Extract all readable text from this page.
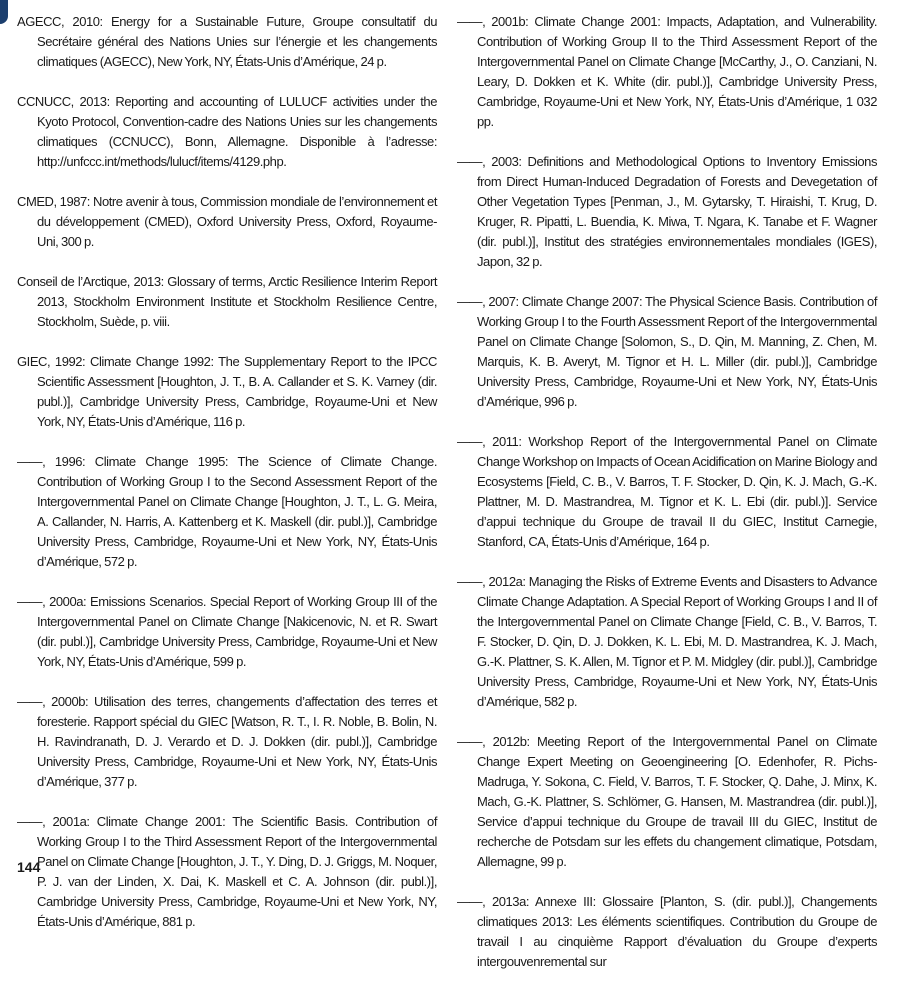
AGECC, 2010: Energy for a Sustainable Future, Groupe consultatif du Secrétaire général des Nations Unies sur l’énergie et les changements climatiques (AGECC), New York, NY, États-Unis d’Amérique, 24 p.

CCNUCC, 2013: Reporting and accounting of LULUCF activities under the Kyoto Protocol, Convention-cadre des Nations Unies sur les changements climatiques (CCNUCC), Bonn, Allemagne. Disponible à l’adresse: http://unfccc.int/methods/lulucf/items/4129.php.

CMED, 1987: Notre avenir à tous, Commission mondiale de l’environnement et du développement (CMED), Oxford University Press, Oxford, Royaume-Uni, 300 p.

Conseil de l’Arctique, 2013: Glossary of terms, Arctic Resilience Interim Report 2013, Stockholm Environment Institute et Stockholm Resilience Centre, Stockholm, Suède, p. viii.

GIEC, 1992: Climate Change 1992: The Supplementary Report to the IPCC Scientific Assessment [Houghton, J. T., B. A. Callander et S. K. Varney (dir. publ.)], Cambridge University Press, Cambridge, Royaume-Uni et New York, NY, États-Unis d’Amérique, 116 p.

——, 1996: Climate Change 1995: The Science of Climate Change. Contribution of Working Group I to the Second Assessment Report of the Intergovernmental Panel on Climate Change [Houghton, J. T., L. G. Meira, A. Callander, N. Harris, A. Kattenberg et K. Maskell (dir. publ.)], Cambridge University Press, Cambridge, Royaume-Uni et New York, NY, États-Unis d’Amérique, 572 p.

——, 2000a: Emissions Scenarios. Special Report of Working Group III of the Intergovernmental Panel on Climate Change [Nakicenovic, N. et R. Swart (dir. publ.)], Cambridge University Press, Cambridge, Royaume-Uni et New York, NY, États-Unis d’Amérique, 599 p.

——, 2000b: Utilisation des terres, changements d’affectation des terres et foresterie. Rapport spécial du GIEC [Watson, R. T., I. R. Noble, B. Bolin, N. H. Ravindranath, D. J. Verardo et D. J. Dokken (dir. publ.)], Cambridge University Press, Cambridge, Royaume-Uni et New York, NY, États-Unis d’Amérique, 377 p.

——, 2001a: Climate Change 2001: The Scientific Basis. Contribution of Working Group I to the Third Assessment Report of the Intergovernmental Panel on Climate Change [Houghton, J. T., Y. Ding, D. J. Griggs, M. Noquer, P. J. van der Linden, X. Dai, K. Maskell et C. A. Johnson (dir. publ.)], Cambridge University Press, Cambridge, Royaume-Uni et New York, NY, États-Unis d’Amérique, 881 p.

——, 2001b: Climate Change 2001: Impacts, Adaptation, and Vulnerability. Contribution of Working Group II to the Third Assessment Report of the Intergovernmental Panel on Climate Change [McCarthy, J., O. Canziani, N. Leary, D. Dokken et K. White (dir. publ.)], Cambridge University Press, Cambridge, Royaume-Uni et New York, NY, États-Unis d’Amérique, 1 032 pp.

——, 2003: Definitions and Methodological Options to Inventory Emissions from Direct Human-Induced Degradation of Forests and Devegetation of Other Vegetation Types [Penman, J., M. Gytarsky, T. Hiraishi, T. Krug, D. Kruger, R. Pipatti, L. Buendia, K. Miwa, T. Ngara, K. Tanabe et F. Wagner (dir. publ.)], Institut des stratégies environnementales mondiales (IGES), Japon, 32 p.

——, 2007: Climate Change 2007: The Physical Science Basis. Contribution of Working Group I to the Fourth Assessment Report of the Intergovernmental Panel on Climate Change [Solomon, S., D. Qin, M. Manning, Z. Chen, M. Marquis, K. B. Averyt, M. Tignor et H. L. Miller (dir. publ.)], Cambridge University Press, Cambridge, Royaume-Uni et New York, NY, États-Unis d’Amérique, 996 p.

——, 2011: Workshop Report of the Intergovernmental Panel on Climate Change Workshop on Impacts of Ocean Acidification on Marine Biology and Ecosystems [Field, C. B., V. Barros, T. F. Stocker, D. Qin, K. J. Mach, G.-K. Plattner, M. D. Mastrandrea, M. Tignor et K. L. Ebi (dir. publ.)]. Service d’appui technique du Groupe de travail II du GIEC, Institut Carnegie, Stanford, CA, États-Unis d’Amérique, 164 p.

——, 2012a: Managing the Risks of Extreme Events and Disasters to Advance Climate Change Adaptation. A Special Report of Working Groups I and II of the Intergovernmental Panel on Climate Change [Field, C. B., V. Barros, T. F. Stocker, D. Qin, D. J. Dokken, K. L. Ebi, M. D. Mastrandrea, K. J. Mach, G.-K. Plattner, S. K. Allen, M. Tignor et P. M. Midgley (dir. publ.)], Cambridge University Press, Cambridge, Royaume-Uni et New York, NY, États-Unis d’Amérique, 582 p.

——, 2012b: Meeting Report of the Intergovernmental Panel on Climate Change Expert Meeting on Geoengineering [O. Edenhofer, R. Pichs-Madruga, Y. Sokona, C. Field, V. Barros, T. F. Stocker, Q. Dahe, J. Minx, K. Mach, G.-K. Plattner, S. Schlömer, G. Hansen, M. Mastrandrea (dir. publ.)], Service d’appui technique du Groupe de travail III du GIEC, Institut de recherche de Potsdam sur les effets du changement climatique, Potsdam, Allemagne, 99 p.

——, 2013a: Annexe III: Glossaire [Planton, S. (dir. publ.)], Changements climatiques 2013: Les éléments scientifiques. Contribution du Groupe de travail I au cinquième Rapport d’évaluation du Groupe d’experts intergouvenremental sur

144
